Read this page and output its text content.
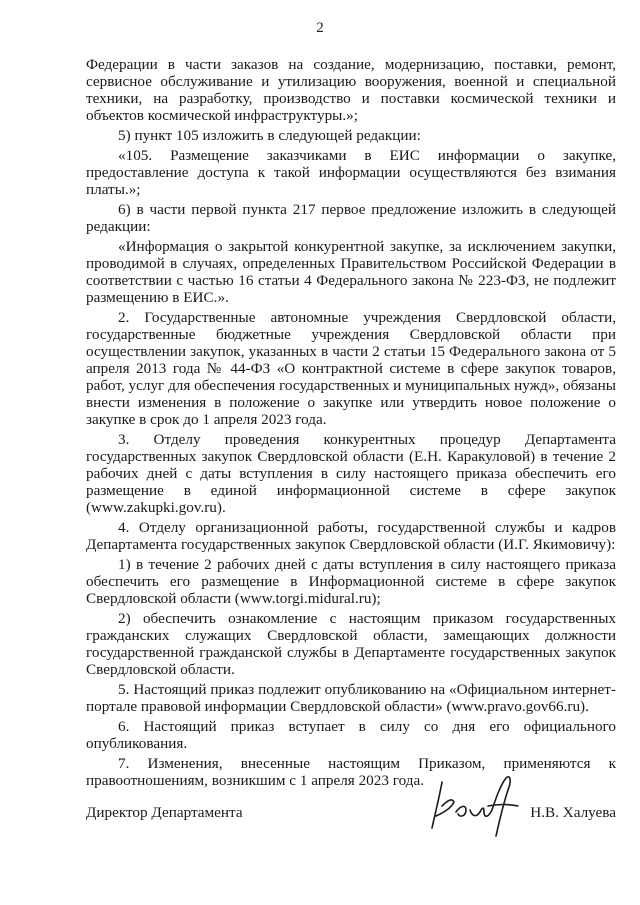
2

Федерации в части заказов на создание, модернизацию, поставки, ремонт, сервисное обслуживание и утилизацию вооружения, военной и специальной техники, на разработку, производство и поставки космической техники и объектов космической инфраструктуры.»;

5) пункт 105 изложить в следующей редакции:

«105. Размещение заказчиками в ЕИС информации о закупке, предоставление доступа к такой информации осуществляются без взимания платы.»;

6) в части первой пункта 217 первое предложение изложить в следующей редакции:

«Информация о закрытой конкурентной закупке, за исключением закупки, проводимой в случаях, определенных Правительством Российской Федерации в соответствии с частью 16 статьи 4 Федерального закона № 223-ФЗ, не подлежит размещению в ЕИС.».

2. Государственные автономные учреждения Свердловской области, государственные бюджетные учреждения Свердловской области при осуществлении закупок, указанных в части 2 статьи 15 Федерального закона от 5 апреля 2013 года № 44-ФЗ «О контрактной системе в сфере закупок товаров, работ, услуг для обеспечения государственных и муниципальных нужд», обязаны внести изменения в положение о закупке или утвердить новое положение о закупке в срок до 1 апреля 2023 года.

3. Отделу проведения конкурентных процедур Департамента государственных закупок Свердловской области (Е.Н. Каракуловой) в течение 2 рабочих дней с даты вступления в силу настоящего приказа обеспечить его размещение в единой информационной системе в сфере закупок (www.zakupki.gov.ru).

4. Отделу организационной работы, государственной службы и кадров Департамента государственных закупок Свердловской области (И.Г. Якимовичу):

1) в течение 2 рабочих дней с даты вступления в силу настоящего приказа обеспечить его размещение в Информационной системе в сфере закупок Свердловской области (www.torgi.midural.ru);

2) обеспечить ознакомление с настоящим приказом государственных гражданских служащих Свердловской области, замещающих должности государственной гражданской службы в Департаменте государственных закупок Свердловской области.

5. Настоящий приказ подлежит опубликованию на «Официальном интернет-портале правовой информации Свердловской области» (www.pravo.gov66.ru).

6. Настоящий приказ вступает в силу со дня его официального опубликования.

7. Изменения, внесенные настоящим Приказом, применяются к правоотношениям, возникшим с 1 апреля 2023 года.

Директор Департамента	Н.В. Халуева
